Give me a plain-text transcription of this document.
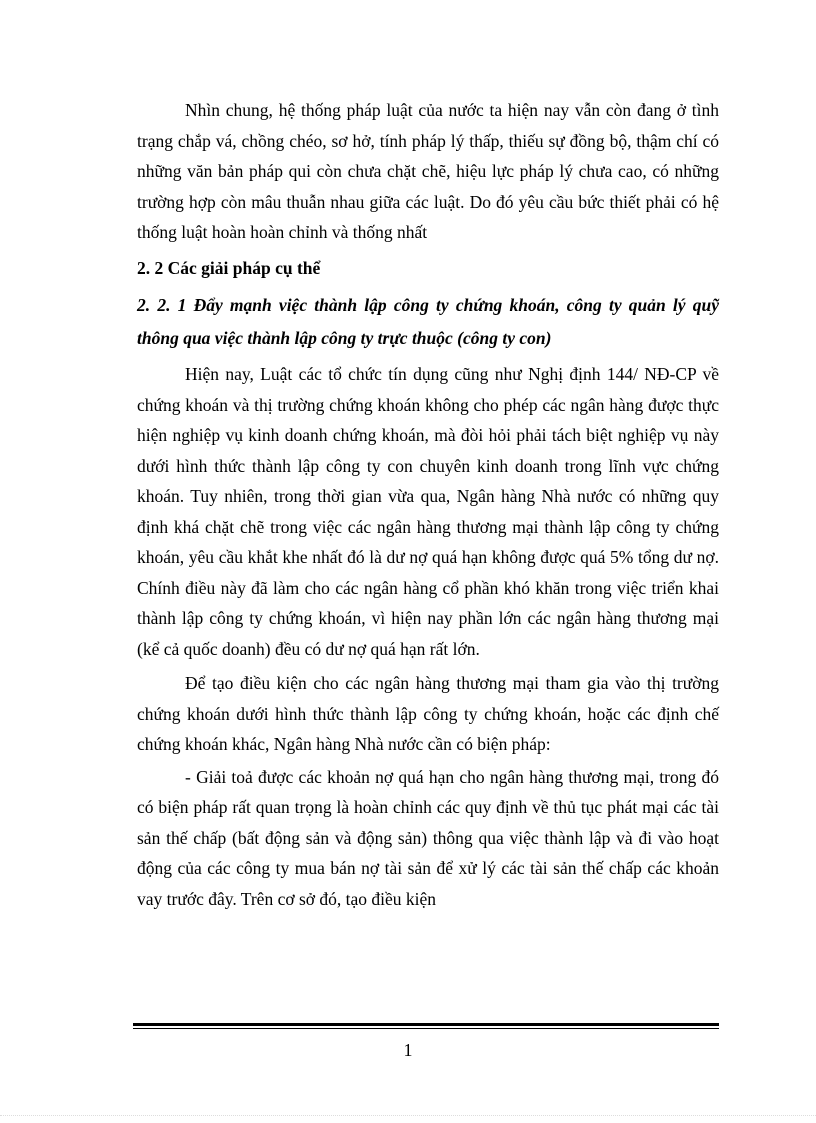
Nhìn chung, hệ thống pháp luật của nước ta hiện nay vẫn còn đang ở tình trạng chắp vá, chồng chéo, sơ hở, tính pháp lý thấp, thiếu sự đồng bộ, thậm chí có những văn bản pháp qui còn chưa chặt chẽ, hiệu lực pháp lý chưa cao, có những trường hợp còn mâu thuẫn nhau giữa các luật. Do đó yêu cầu bức thiết phải có hệ thống luật hoàn hoàn chỉnh và thống nhất

2. 2 Các giải pháp cụ thể

2. 2. 1 Đẩy mạnh việc thành lập công ty chứng khoán, công ty quản lý quỹ thông qua việc thành lập công ty trực thuộc (công ty con)

Hiện nay, Luật các tổ chức tín dụng cũng như Nghị định 144/ NĐ-CP về chứng khoán và thị trường chứng khoán không cho phép các ngân hàng được thực hiện nghiệp vụ kinh doanh chứng khoán, mà đòi hỏi phải tách biệt nghiệp vụ này dưới hình thức thành lập công ty con chuyên kinh doanh trong lĩnh vực chứng khoán. Tuy nhiên, trong thời gian vừa qua, Ngân hàng Nhà nước có những quy định khá chặt chẽ trong việc các ngân hàng thương mại thành lập công ty chứng khoán, yêu cầu khắt khe nhất đó là dư nợ quá hạn không được quá 5% tổng dư nợ. Chính điều này đã làm cho các ngân hàng cổ phần khó khăn trong việc triển khai thành lập công ty chứng khoán, vì hiện nay phần lớn các ngân hàng thương mại (kể cả quốc doanh) đều có dư nợ quá hạn rất lớn.

Để tạo điều kiện cho các ngân hàng thương mại tham gia vào thị trường chứng khoán dưới hình thức thành lập công ty chứng khoán, hoặc các định chế chứng khoán khác, Ngân hàng Nhà nước cần có biện pháp:

- Giải toả được các khoản nợ quá hạn cho ngân hàng thương mại, trong đó có biện pháp rất quan trọng là hoàn chỉnh các quy định về thủ tục phát mại các tài sản thế chấp (bất động sản và động sản) thông qua việc thành lập và đi vào hoạt động của các công ty mua bán nợ tài sản để xử lý các tài sản thế chấp các khoản vay trước đây. Trên cơ sở đó, tạo điều kiện

1
